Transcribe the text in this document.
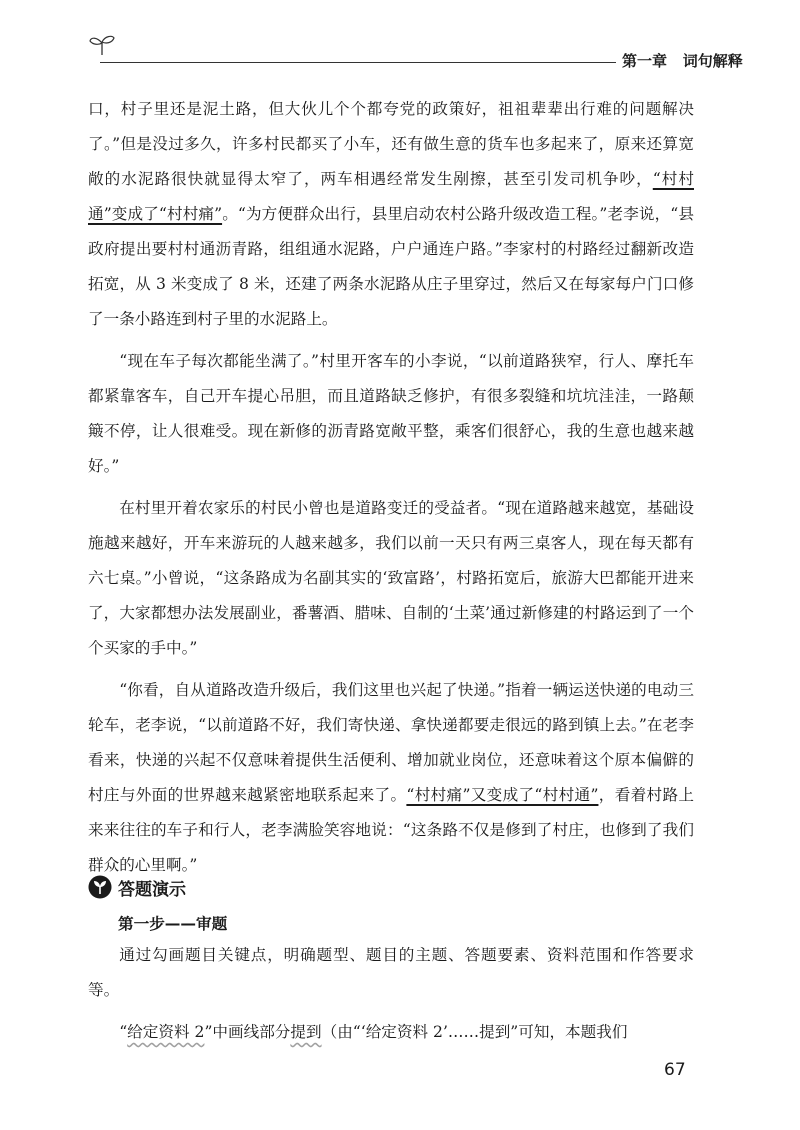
第一章 词句解释

口，村子里还是泥土路，但大伙儿个个都夸党的政策好，祖祖辈辈出行难的问题解决了。”但是没过多久，许多村民都买了小车，还有做生意的货车也多起来了，原来还算宽敞的水泥路很快就显得太窄了，两车相遇经常发生剐擦，甚至引发司机争吵，“村村通”变成了“村村痛”。“为方便群众出行，县里启动农村公路升级改造工程。”老李说，“县政府提出要村村通沥青路，组组通水泥路，户户通连户路。”李家村的村路经过翻新改造拓宽，从 3 米变成了 8 米，还建了两条水泥路从庄子里穿过，然后又在每家每户门口修了一条小路连到村子里的水泥路上。

“现在车子每次都能坐满了。”村里开客车的小李说，“以前道路狭窄，行人、摩托车都紧靠客车，自己开车提心吊胆，而且道路缺乏修护，有很多裂缝和坑坑洼洼，一路颠簸不停，让人很难受。现在新修的沥青路宽敞平整，乘客们很舒心，我的生意也越来越好。”

在村里开着农家乐的村民小曾也是道路变迁的受益者。“现在道路越来越宽，基础设施越来越好，开车来游玩的人越来越多，我们以前一天只有两三桌客人，现在每天都有六七桌。”小曾说，“这条路成为名副其实的‘致富路’，村路拓宽后，旅游大巴都能开进来了，大家都想办法发展副业，番薯酒、腊味、自制的‘土菜’通过新修建的村路运到了一个个买家的手中。”

“你看，自从道路改造升级后，我们这里也兴起了快递。”指着一辆运送快递的电动三轮车，老李说，“以前道路不好，我们寄快递、拿快递都要走很远的路到镇上去。”在老李看来，快递的兴起不仅意味着提供生活便利、增加就业岗位，还意味着这个原本偏僻的村庄与外面的世界越来越紧密地联系起来了。“村村痛”又变成了“村村通”，看着村路上来来往往的车子和行人，老李满脸笑容地说：“这条路不仅是修到了村庄，也修到了我们群众的心里啊。”

答题演示
第一步——审题

通过勾画题目关键点，明确题型、题目的主题、答题要素、资料范围和作答要求等。

“给定资料 2”中画线部分提到（由“‘给定资料 2’……提到”可知，本题我们

67
